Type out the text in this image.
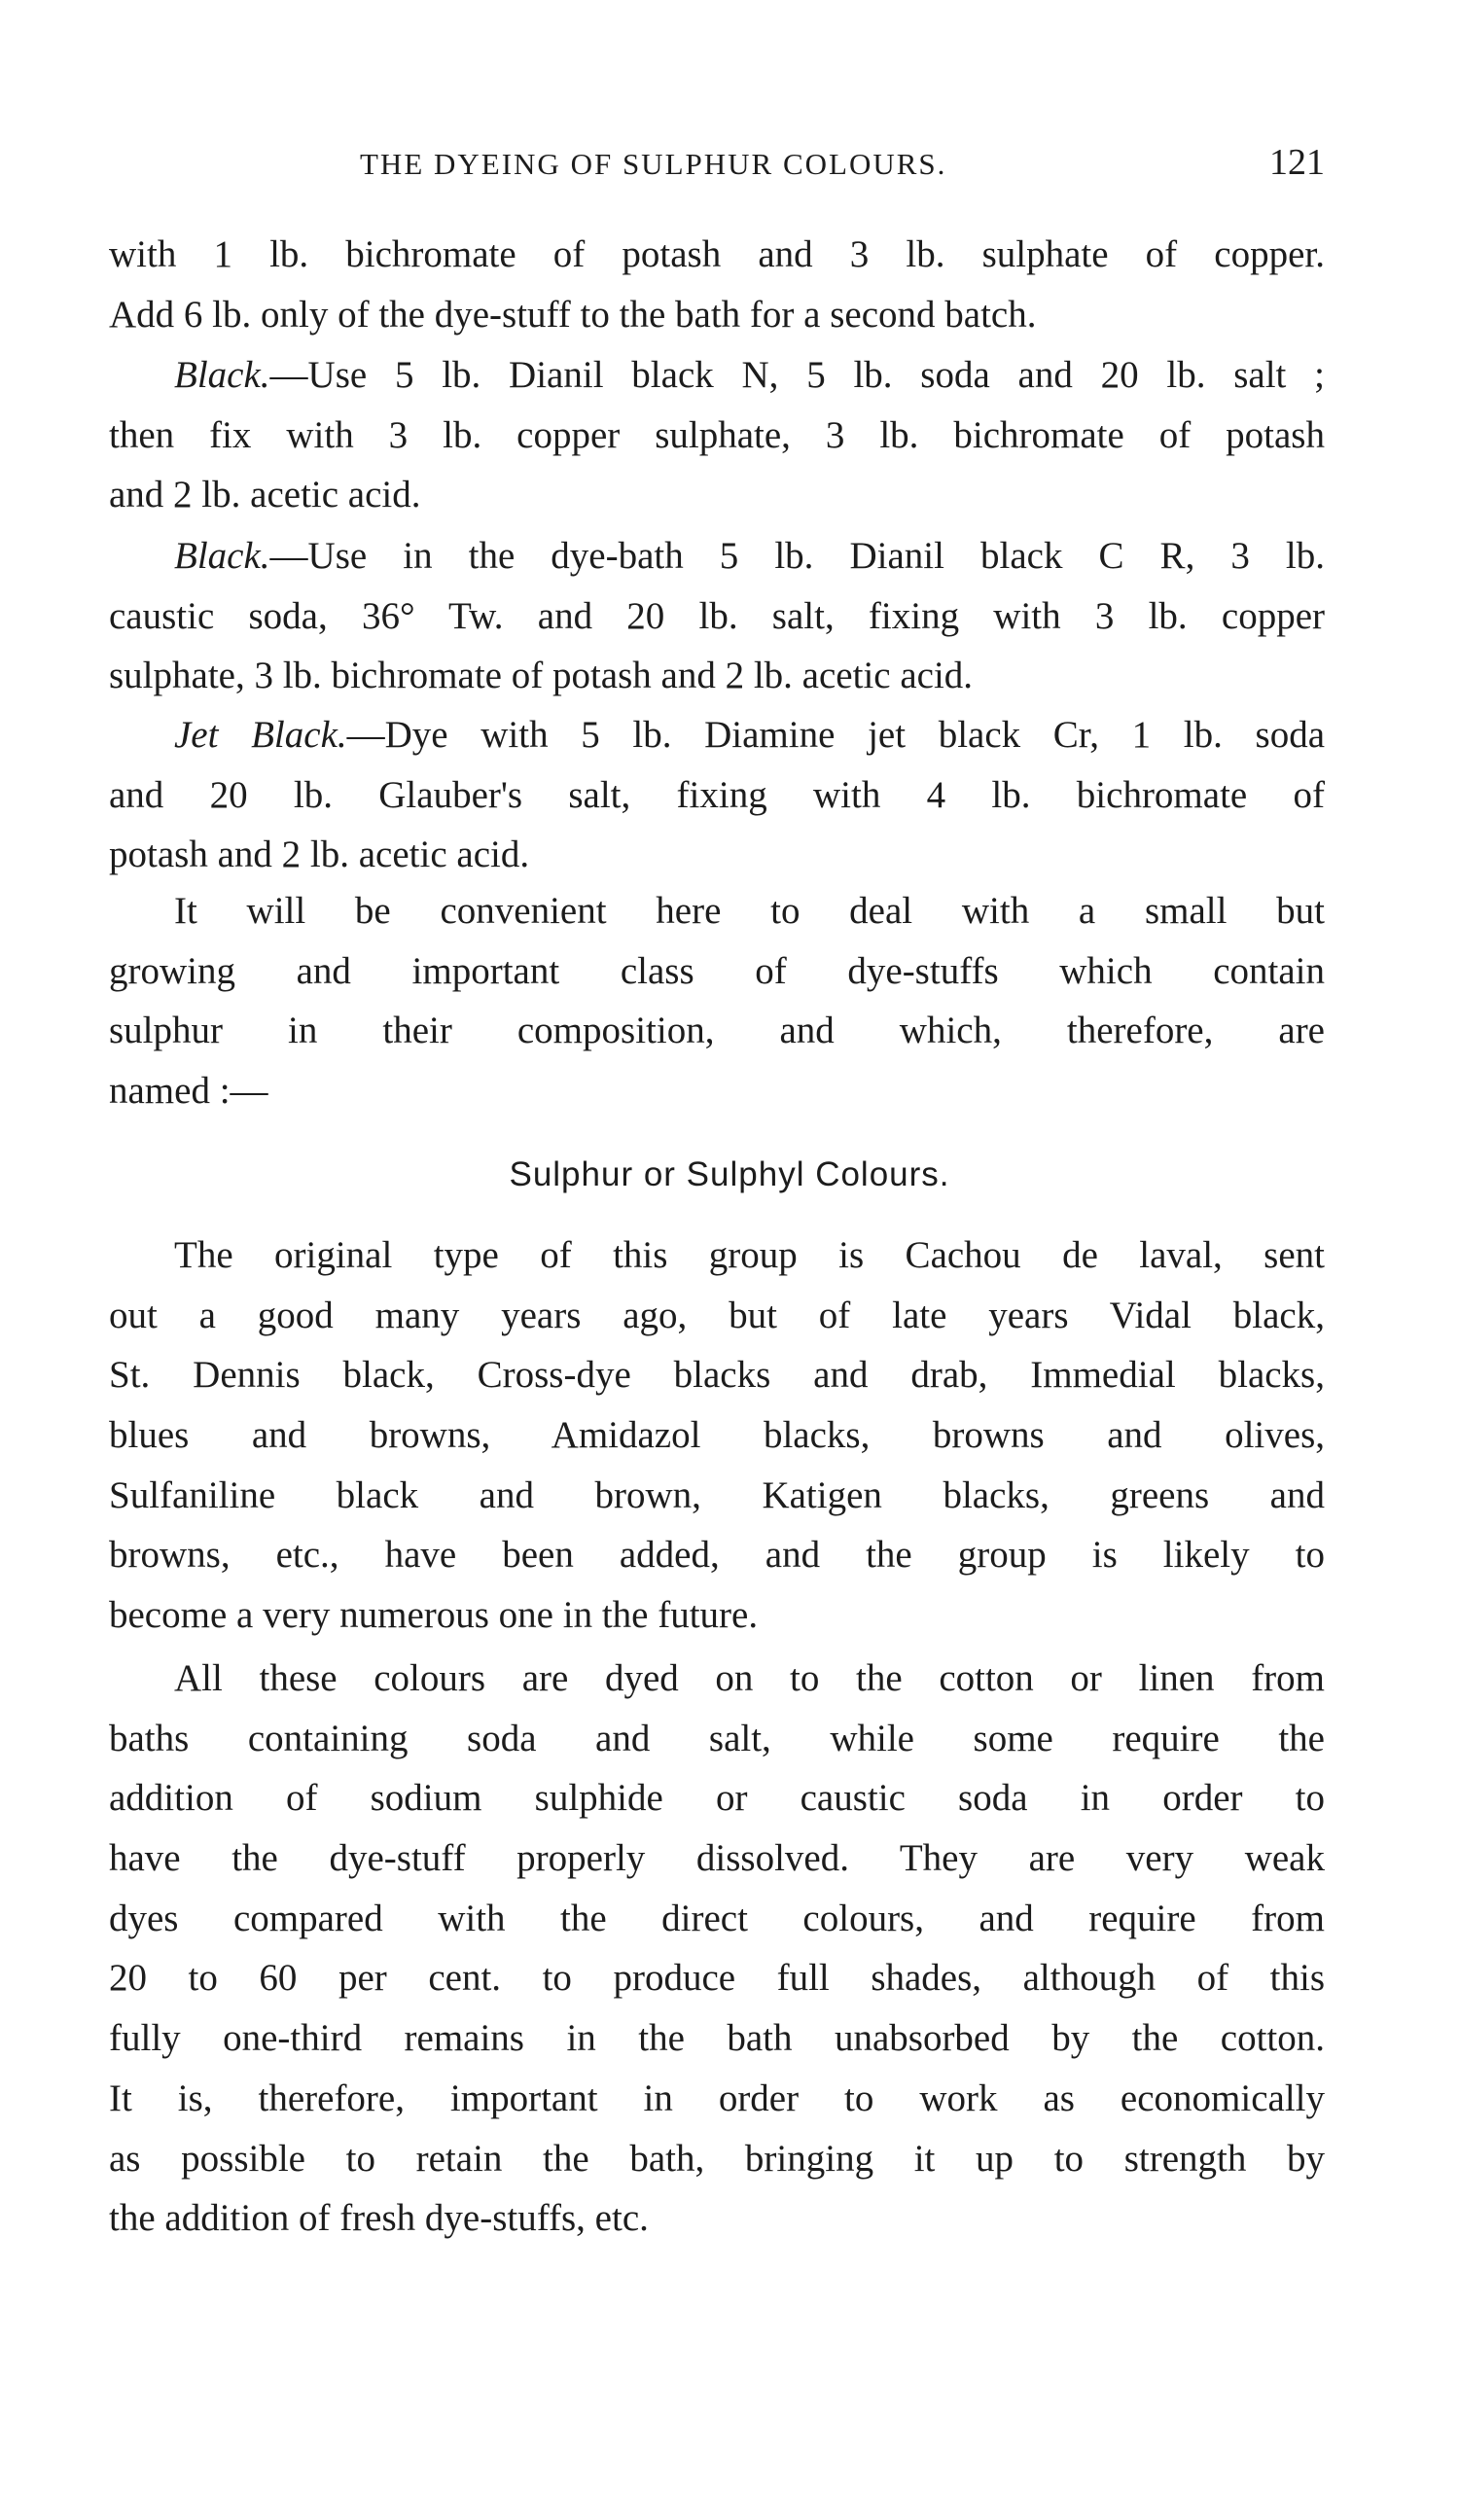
THE DYEING OF SULPHUR COLOURS.	121
with 1 lb. bichromate of potash and 3 lb. sulphate of copper.
Add 6 lb. only of the dye-stuff to the bath for a second batch.
Black.—Use 5 lb. Dianil black N, 5 lb. soda and 20 lb. salt ;
then fix with 3 lb. copper sulphate, 3 lb. bichromate of potash
and 2 lb. acetic acid.
Black.—Use in the dye-bath 5 lb. Dianil black C R, 3 lb.
caustic soda, 36° Tw. and 20 lb. salt, fixing with 3 lb. copper
sulphate, 3 lb. bichromate of potash and 2 lb. acetic acid.
Jet Black.—Dye with 5 lb. Diamine jet black Cr, 1 lb. soda
and 20 lb. Glauber's salt, fixing with 4 lb. bichromate of
potash and 2 lb. acetic acid.
It will be convenient here to deal with a small but
growing and important class of dye-stuffs which contain
sulphur in their composition, and which, therefore, are
named :—
The original type of this group is Cachou de laval, sent
out a good many years ago, but of late years Vidal black,
St. Dennis black, Cross-dye blacks and drab, Immedial blacks,
blues and browns, Amidazol blacks, browns and olives,
Sulfaniline black and brown, Katigen blacks, greens and
browns, etc., have been added, and the group is likely to
become a very numerous one in the future.
All these colours are dyed on to the cotton or linen from
baths containing soda and salt, while some require the
addition of sodium sulphide or caustic soda in order to
have the dye-stuff properly dissolved. They are very weak
dyes compared with the direct colours, and require from
20 to 60 per cent. to produce full shades, although of this
fully one-third remains in the bath unabsorbed by the cotton.
It is, therefore, important in order to work as economically
as possible to retain the bath, bringing it up to strength by
the addition of fresh dye-stuffs, etc.
Sulphur or Sulphyl Colours.
